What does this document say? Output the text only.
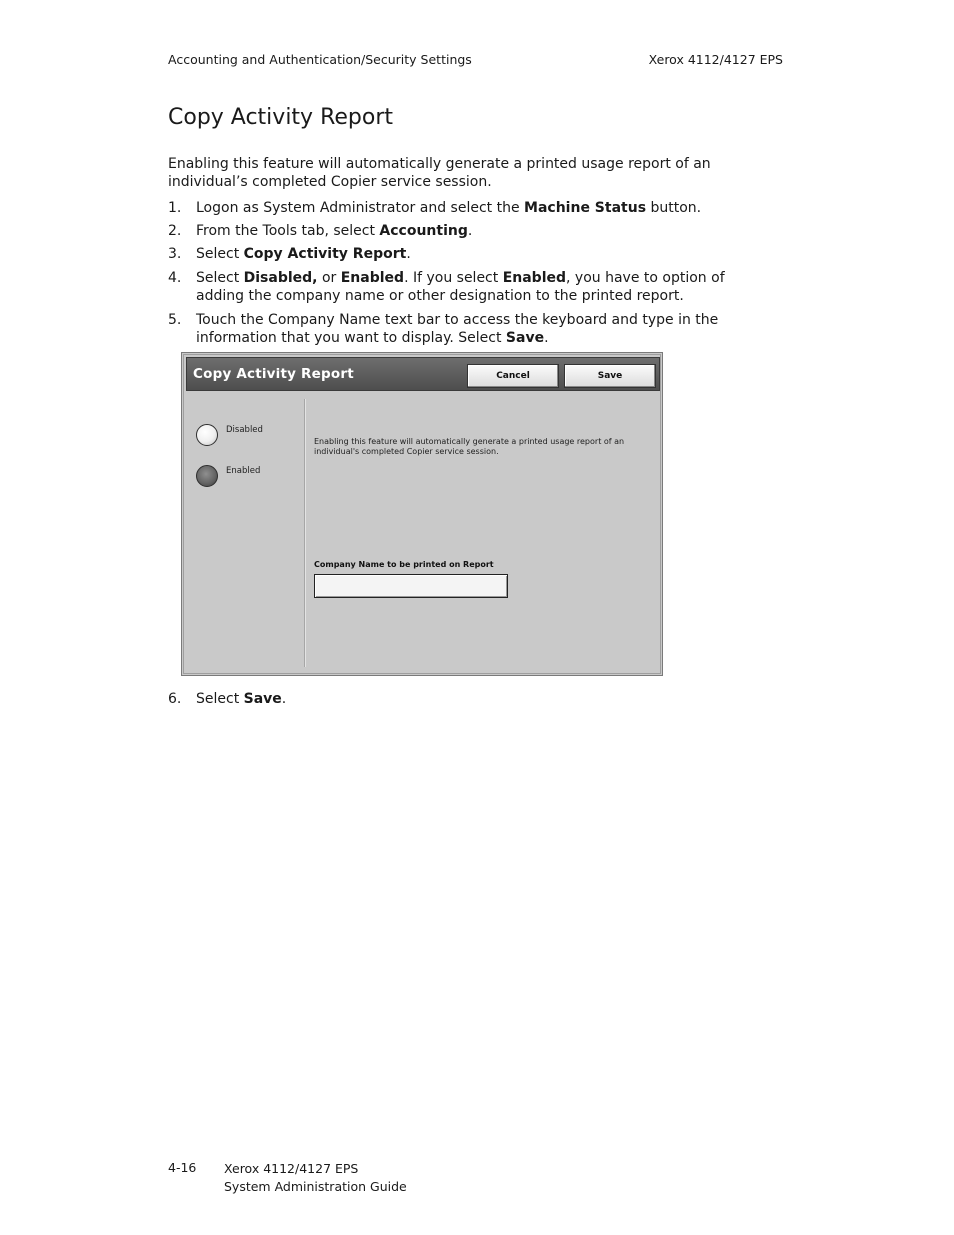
Accounting and Authentication/Security Settings	Xerox 4112/4127 EPS
Copy Activity Report

Enabling this feature will automatically generate a printed usage report of an individual’s completed Copier service session.

1. Logon as System Administrator and select the Machine Status button.
2. From the Tools tab, select Accounting.
3. Select Copy Activity Report.
4. Select Disabled, or Enabled. If you select Enabled, you have to option of adding the company name or other designation to the printed report.
5. Touch the Company Name text bar to access the keyboard and type in the information that you want to display. Select Save.
Copy Activity Report	Cancel	Save
Disabled
Enabled
Enabling this feature will automatically generate a printed usage report of an individual's completed Copier service session.
Company Name to be printed on Report
6. Select Save.
4-16 Xerox 4112/4127 EPS
System Administration Guide
